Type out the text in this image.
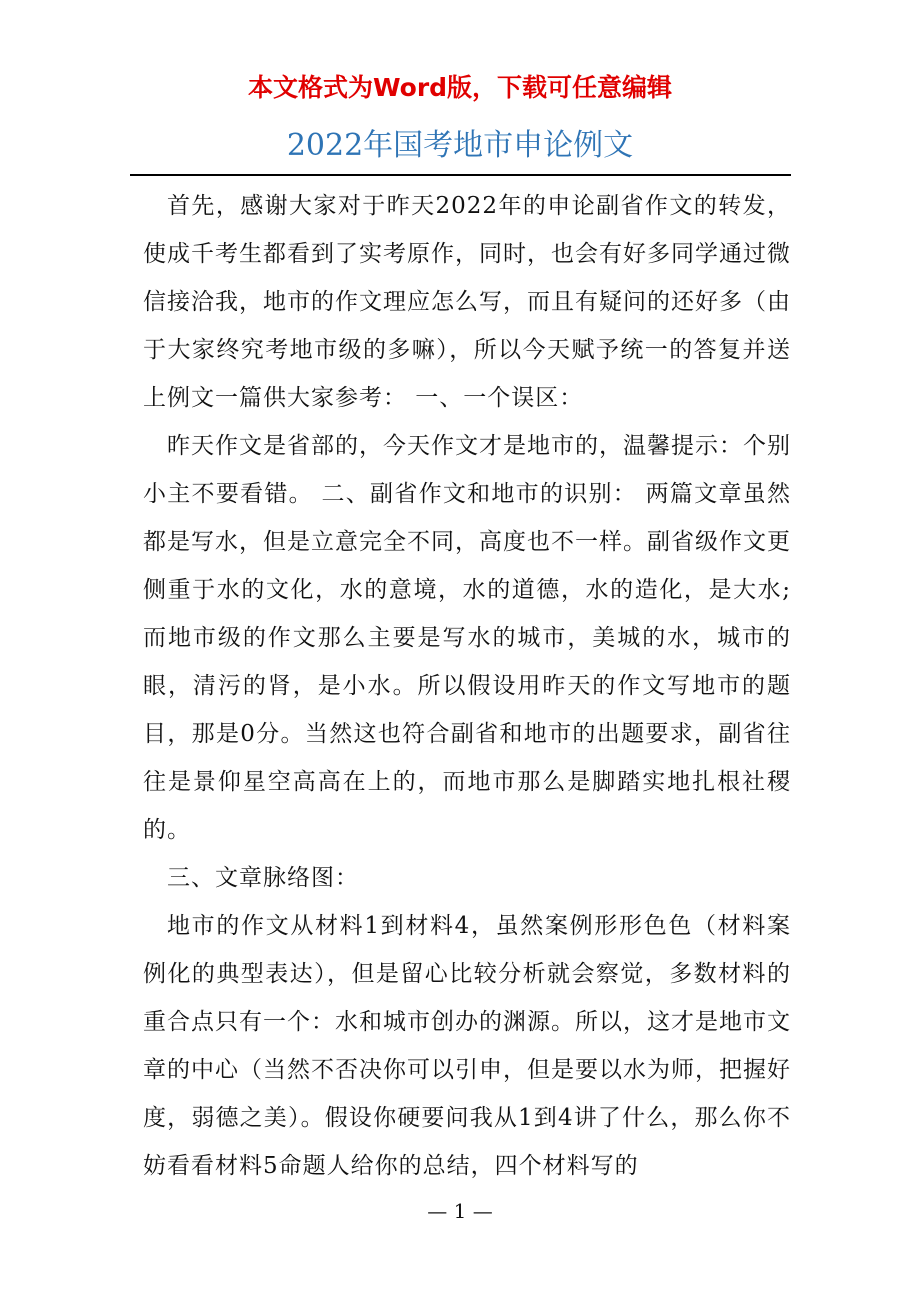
本文格式为Word版，下载可任意编辑
2022年国考地市申论例文

首先，感谢大家对于昨天2022年的申论副省作文的转发，使成千考生都看到了实考原作，同时，也会有好多同学通过微信接洽我，地市的作文理应怎么写，而且有疑问的还好多（由于大家终究考地市级的多嘛），所以今天赋予统一的答复并送上例文一篇供大家参考： 一、一个误区：

昨天作文是省部的，今天作文才是地市的，温馨提示：个别小主不要看错。 二、副省作文和地市的识别： 两篇文章虽然都是写水，但是立意完全不同，高度也不一样。副省级作文更侧重于水的文化，水的意境，水的道德，水的造化，是大水;而地市级的作文那么主要是写水的城市，美城的水，城市的眼，清污的肾，是小水。所以假设用昨天的作文写地市的题目，那是0分。当然这也符合副省和地市的出题要求，副省往往是景仰星空高高在上的，而地市那么是脚踏实地扎根社稷的。

三、文章脉络图：

地市的作文从材料1到材料4，虽然案例形形色色（材料案例化的典型表达），但是留心比较分析就会察觉，多数材料的重合点只有一个：水和城市创办的渊源。所以，这才是地市文章的中心（当然不否决你可以引申，但是要以水为师，把握好度，弱德之美）。假设你硬要问我从1到4讲了什么，那么你不妨看看材料5命题人给你的总结，四个材料写的

— 1 —
